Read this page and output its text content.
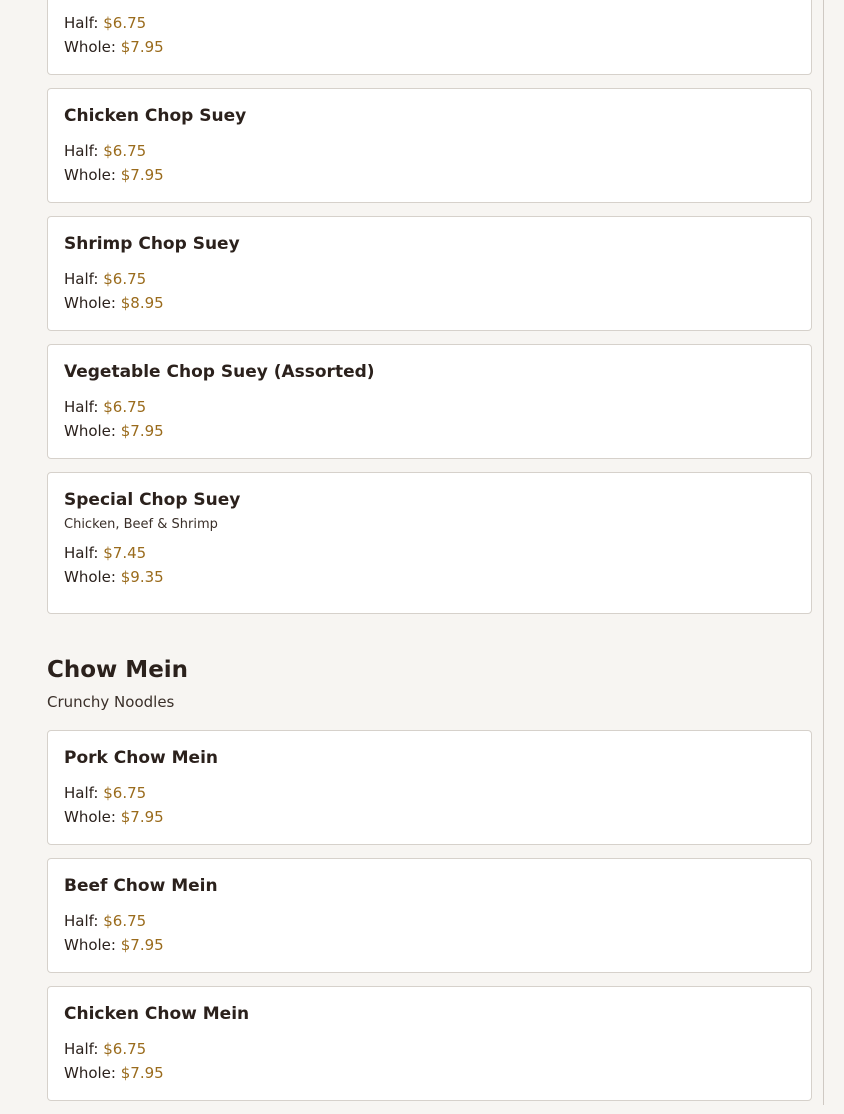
Half: $6.75
Whole: $7.95
Chicken Chop Suey
Half: $6.75
Whole: $7.95
Shrimp Chop Suey
Half: $6.75
Whole: $8.95
Vegetable Chop Suey (Assorted)
Half: $6.75
Whole: $7.95
Special Chop Suey
Chicken, Beef & Shrimp
Half: $7.45
Whole: $9.35
Chow Mein
Crunchy Noodles
Pork Chow Mein
Half: $6.75
Whole: $7.95
Beef Chow Mein
Half: $6.75
Whole: $7.95
Chicken Chow Mein
Half: $6.75
Whole: $7.95
